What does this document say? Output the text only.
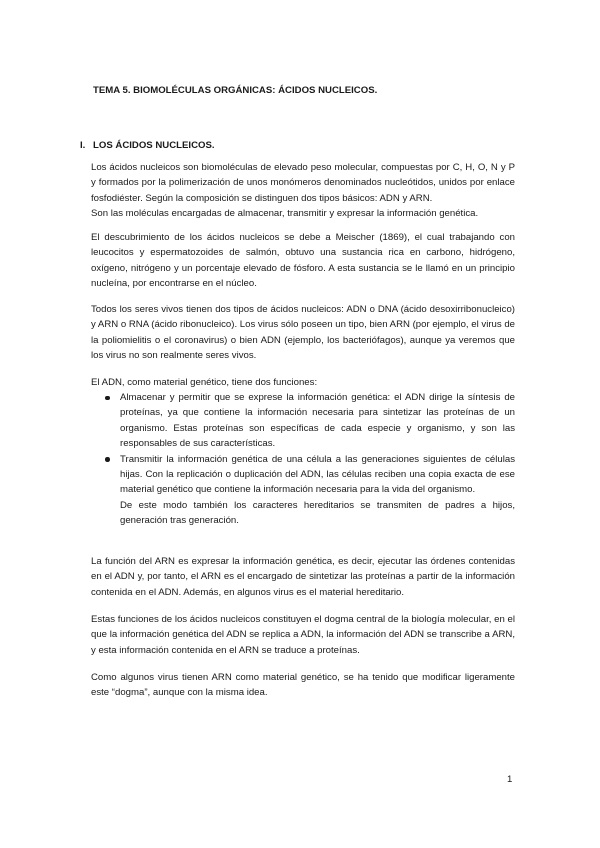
TEMA 5. BIOMOLÉCULAS ORGÁNICAS: ÁCIDOS NUCLEICOS.
I. LOS ÁCIDOS NUCLEICOS.

Los ácidos nucleicos son biomoléculas de elevado peso molecular, compuestas por C, H, O, N y P y formados por la polimerización de unos monómeros denominados nucleótidos, unidos por enlace fosfodiéster. Según la composición se distinguen dos tipos básicos: ADN y ARN.

Son las moléculas encargadas de almacenar, transmitir y expresar la información genética.

El descubrimiento de los ácidos nucleicos se debe a Meischer (1869), el cual trabajando con leucocitos y espermatozoides de salmón, obtuvo una sustancia rica en carbono, hidrógeno, oxígeno, nitrógeno y un porcentaje elevado de fósforo. A esta sustancia se le llamó en un principio nucleína, por encontrarse en el núcleo.

Todos los seres vivos tienen dos tipos de ácidos nucleicos: ADN o DNA (ácido desoxirribonucleico) y ARN o RNA (ácido ribonucleico). Los virus sólo poseen un tipo, bien ARN (por ejemplo, el virus de la poliomielitis o el coronavirus) o bien ADN (ejemplo, los bacteriófagos), aunque ya veremos que los virus no son realmente seres vivos.

El ADN, como material genético, tiene dos funciones:

Almacenar y permitir que se exprese la información genética: el ADN dirige la síntesis de proteínas, ya que contiene la información necesaria para sintetizar las proteínas de un organismo. Estas proteínas son específicas de cada especie y organismo, y son las responsables de sus características.
Transmitir la información genética de una célula a las generaciones siguientes de células hijas. Con la replicación o duplicación del ADN, las células reciben una copia exacta de ese material genético que contiene la información necesaria para la vida del organismo.
De este modo también los caracteres hereditarios se transmiten de padres a hijos, generación tras generación.

La función del ARN es expresar la información genética, es decir, ejecutar las órdenes contenidas en el ADN y, por tanto, el ARN es el encargado de sintetizar las proteínas a partir de la información contenida en el ADN. Además, en algunos virus es el material hereditario.

Estas funciones de los ácidos nucleicos constituyen el dogma central de la biología molecular, en el que la información genética del ADN se replica a ADN, la información del ADN se transcribe a ARN, y esta información contenida en el ARN se traduce a proteínas.

Como algunos virus tienen ARN como material genético, se ha tenido que modificar ligeramente este “dogma”, aunque con la misma idea.

1
